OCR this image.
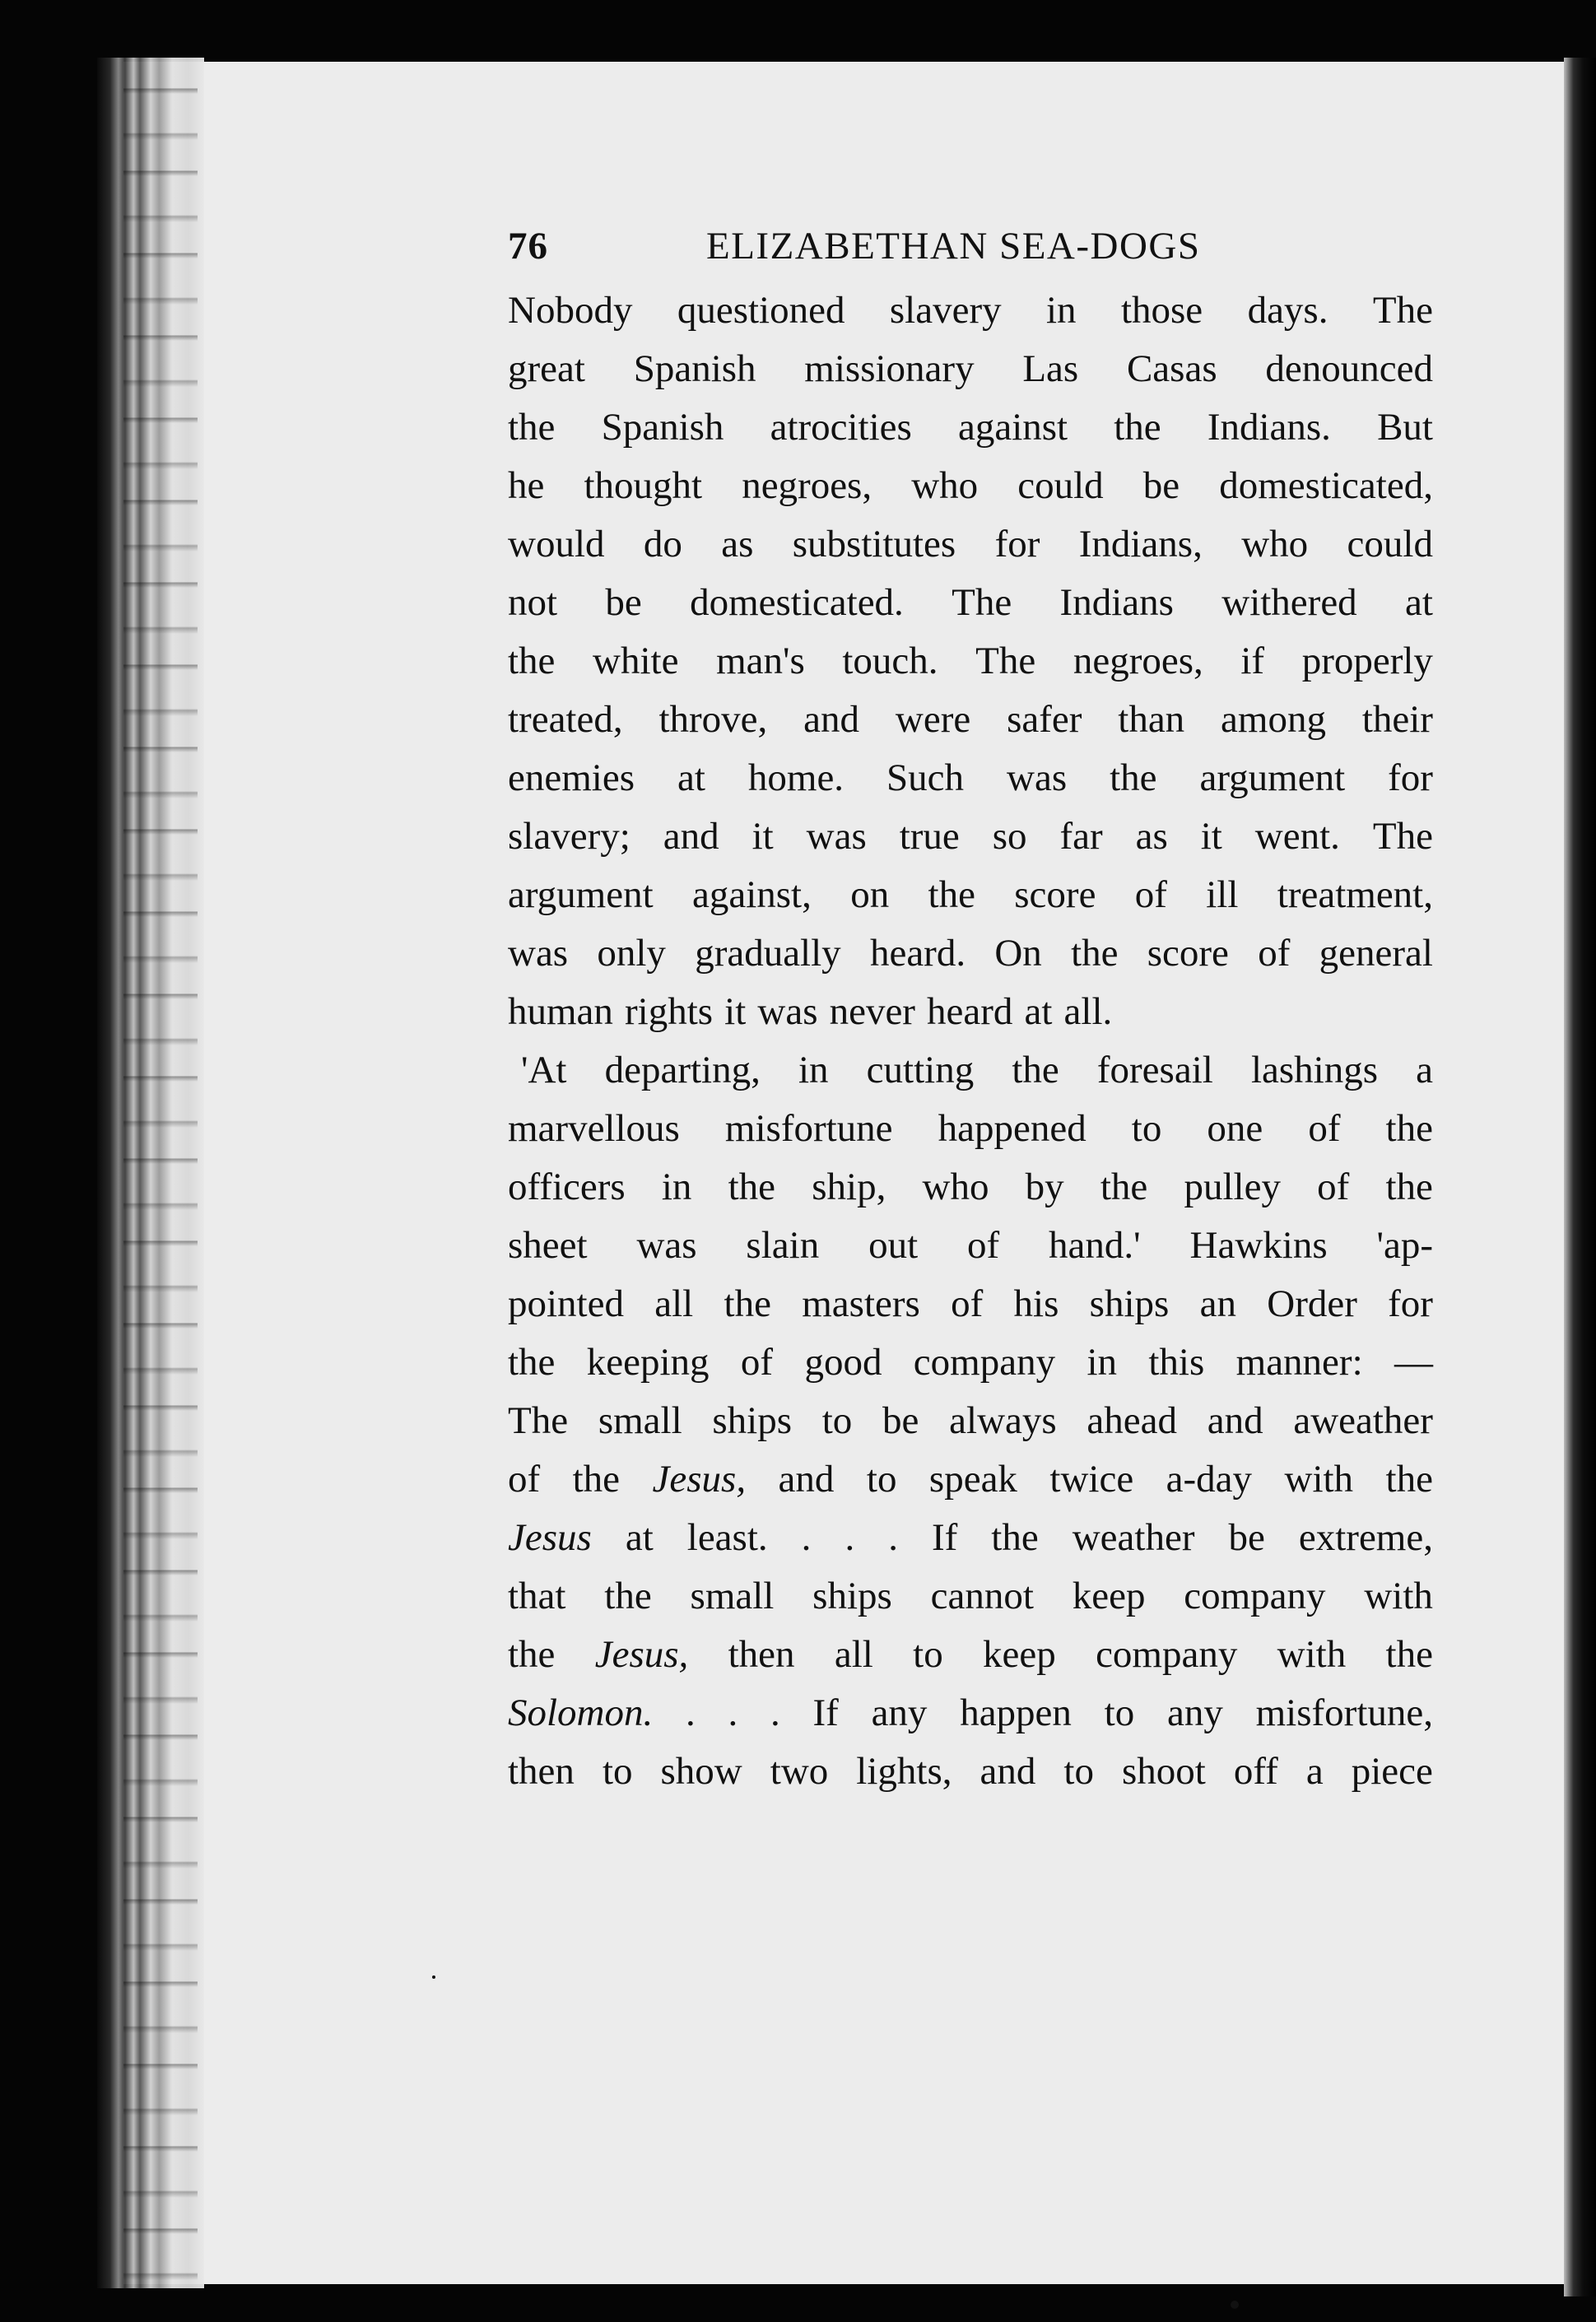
76	ELIZABETHAN SEA-DOGS
Nobody questioned slavery in those days. The
great Spanish missionary Las Casas denounced
the Spanish atrocities against the Indians. But
he thought negroes, who could be domesticated,
would do as substitutes for Indians, who could
not be domesticated. The Indians withered at
the white man's touch. The negroes, if properly
treated, throve, and were safer than among their
enemies at home. Such was the argument for
slavery; and it was true so far as it went. The
argument against, on the score of ill treatment,
was only gradually heard. On the score of general
human rights it was never heard at all.
'At departing, in cutting the foresail lashings a
marvellous misfortune happened to one of the
officers in the ship, who by the pulley of the
sheet was slain out of hand.' Hawkins 'ap-
pointed all the masters of his ships an Order for
the keeping of good company in this manner: —
The small ships to be always ahead and aweather
of the Jesus, and to speak twice a-day with the
Jesus at least. . . . If the weather be extreme,
that the small ships cannot keep company with
the Jesus, then all to keep company with the
Solomon. . . . If any happen to any misfortune,
then to show two lights, and to shoot off a piece
